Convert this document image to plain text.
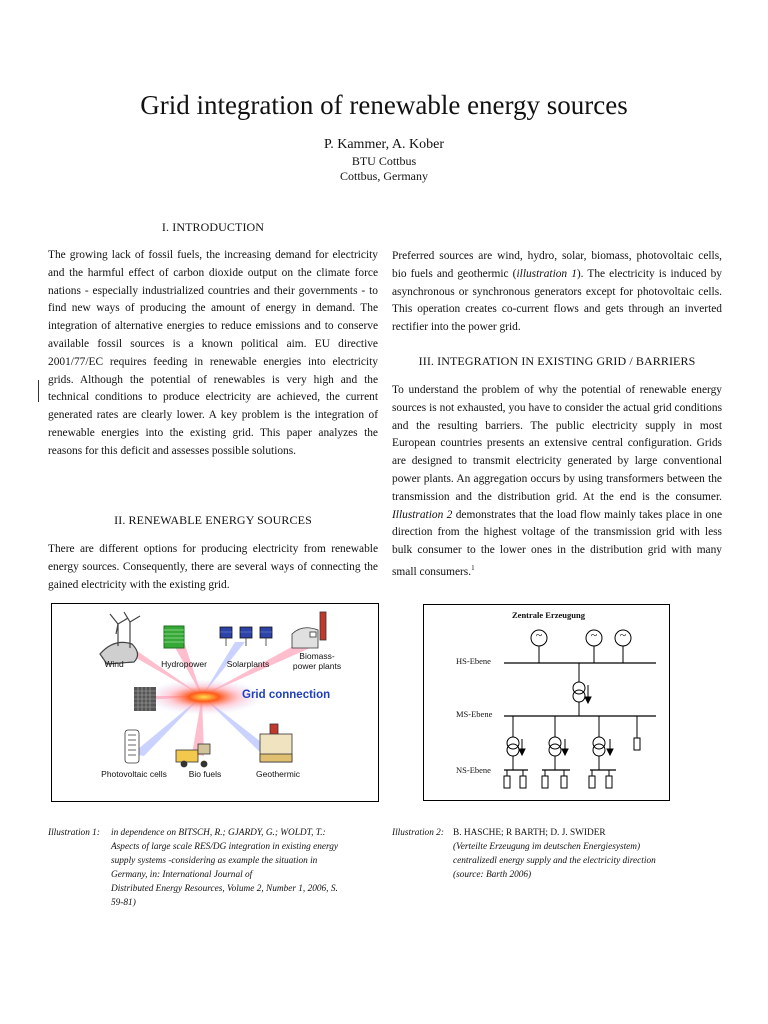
Grid integration of renewable energy sources
P. Kammer, A. Kober
BTU Cottbus
Cottbus, Germany
I. INTRODUCTION
The growing lack of fossil fuels, the increasing demand for electricity and the harmful effect of carbon dioxide output on the climate force nations - especially industrialized countries and their governments - to find new ways of producing the amount of energy in demand. The integration of alternative energies to reduce emissions and to conserve available fossil sources is a known political aim. EU directive 2001/77/EC requires feeding in renewable energies into electricity grids. Although the potential of renewables is very high and the technical conditions to produce electricity are achieved, the current generated rates are clearly lower. A key problem is the integration of renewable energies into the existing grid. This paper analyzes the reasons for this deficit and assesses possible solutions.
II. RENEWABLE ENERGY SOURCES
There are different options for producing electricity from renewable energy sources. Consequently, there are several ways of connecting the gained electricity with the existing grid.
Preferred sources are wind, hydro, solar, biomass, photovoltaic cells, bio fuels and geothermic (illustration 1). The electricity is induced by asynchronous or synchronous generators except for photovoltaic cells. This operation creates co-current flows and gets through an inverted rectifier into the power grid.
III. INTEGRATION IN EXISTING GRID / BARRIERS
To understand the problem of why the potential of renewable energy sources is not exhausted, you have to consider the actual grid conditions and the resulting barriers. The public electricity supply in most European countries presents an extensive central configuration. Grids are designed to transmit electricity generated by large conventional power plants. An aggregation occurs by using transformers between the transmission and the distribution grid. At the end is the consumer. Illustration 2 demonstrates that the load flow mainly takes place in one direction from the highest voltage of the transmission grid with less bulk consumer to the lower ones in the distribution grid with many small consumers.$^1$
Wind	Hydropower	Solarplants
Biomass-
power plants
Grid connection
Photovoltaic cells	Bio fuels	Geothermic
Zentrale Erzeugung
~	~ ~
HS-Ebene
MS-Ebene
NS-Ebene
Illustration 1:	in dependence on BITSCH, R.; GJARDY, G.; WOLDT, T.:
Aspects of large scale RES/DG integration in existing energy
supply systems -considering as example the situation in
Germany, in: International Journal of
Distributed Energy Resources, Volume 2, Number 1, 2006, S.
59-81)
Illustration 2: B. HASCHE; R BARTH; D. J. SWIDER
(Verteilte Erzeugung im deutschen Energiesystem)
centralizedl energy supply and the electricity direction
(source: Barth 2006)
